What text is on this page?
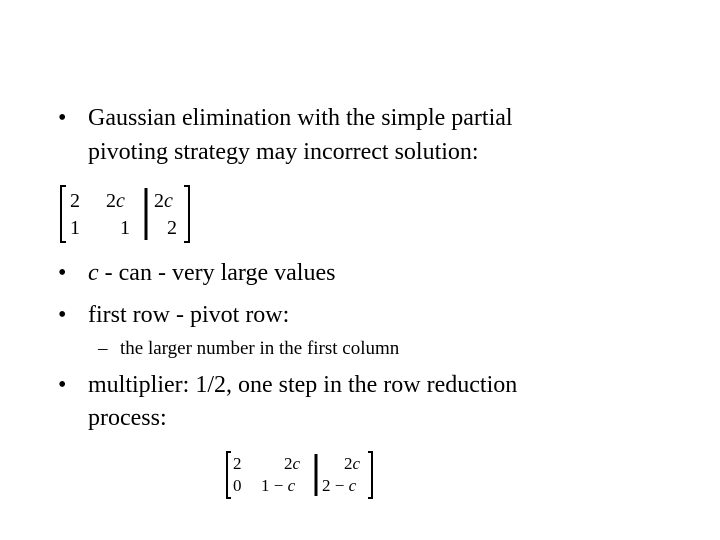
• Gaussian elimination with the simple partial
pivoting strategy may incorrect solution:
2 2c 2c
1 1 2
• c - can - very large values
• first row - pivot row:
– the larger number in the first column
• multiplier: 1/2, one step in the row reduction
process:
2	2c	2c
0 1 − c 2 − c
